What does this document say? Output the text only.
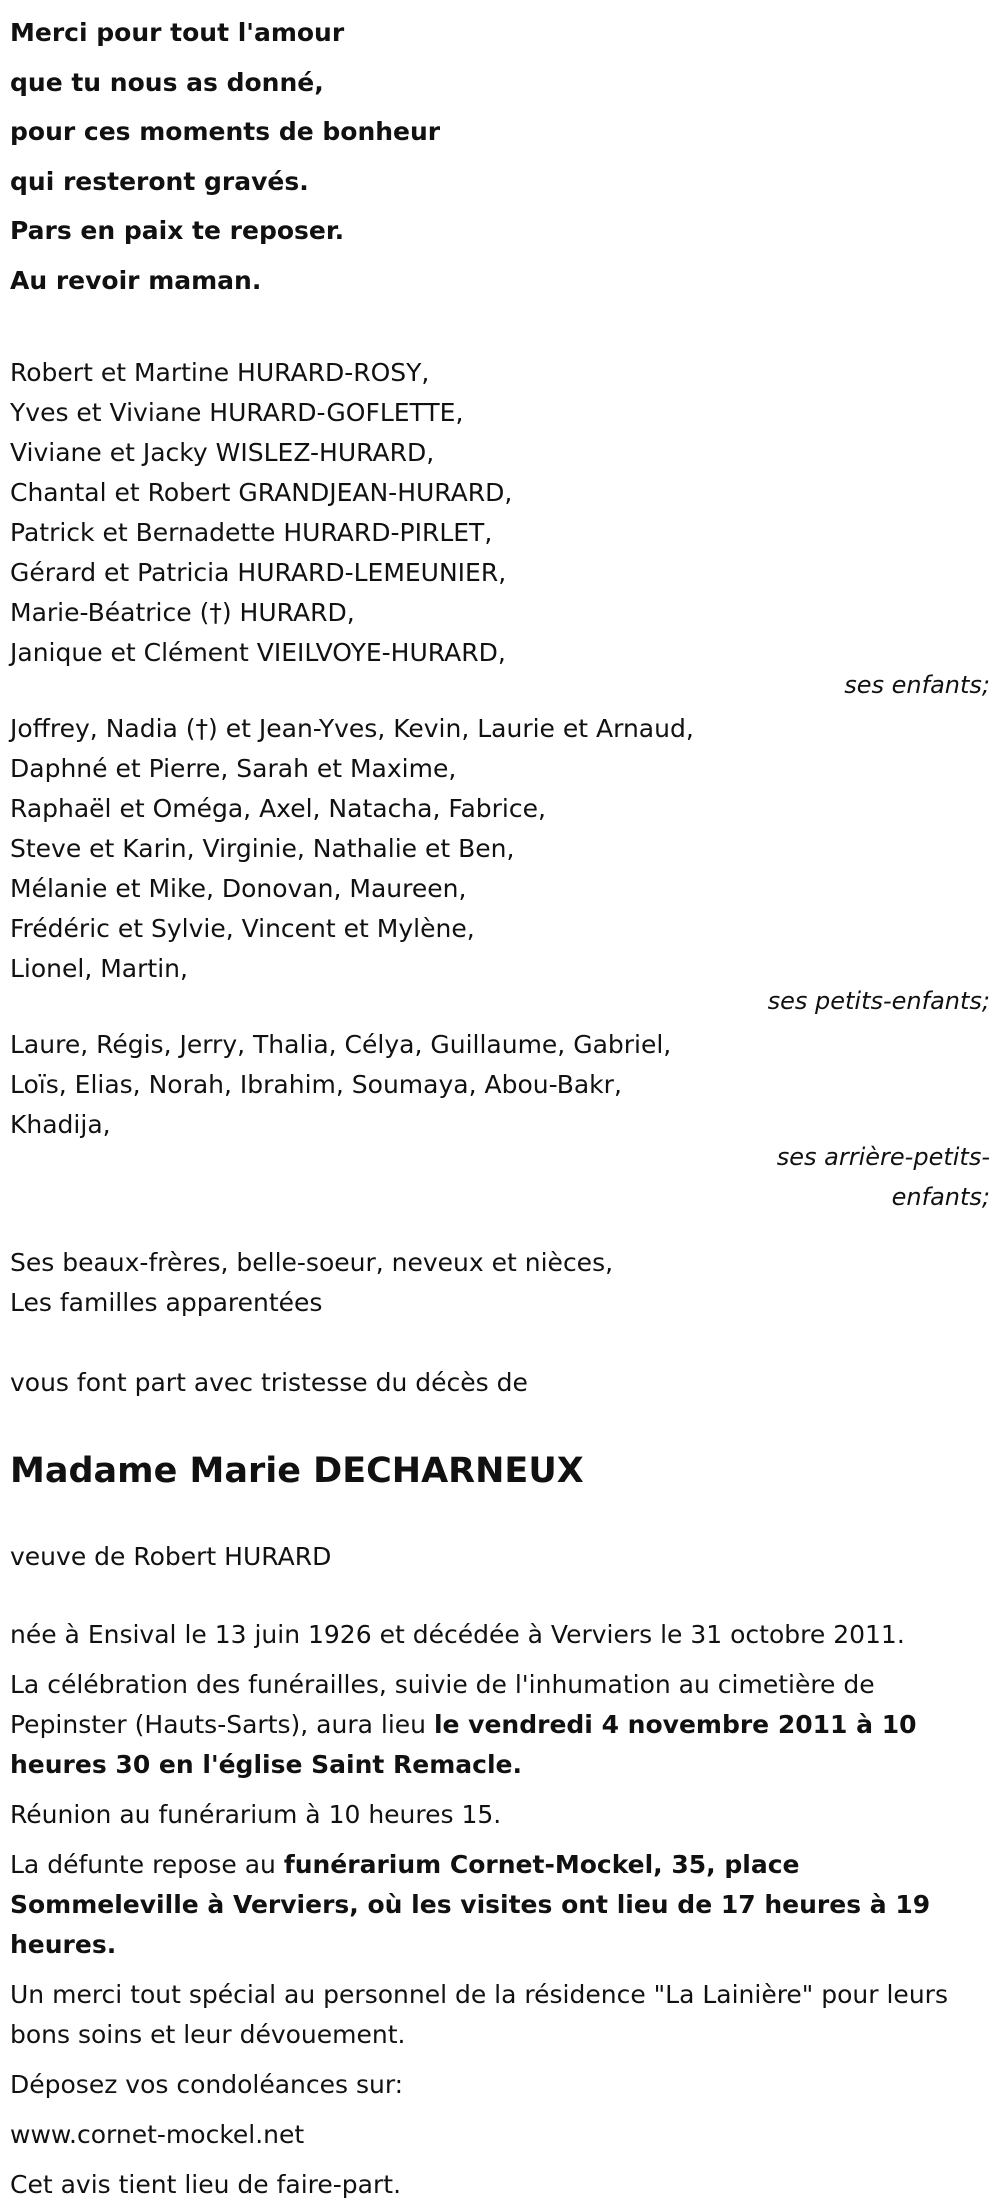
Merci pour tout l'amour

que tu nous as donné,

pour ces moments de bonheur

qui resteront gravés.

Pars en paix te reposer.

Au revoir maman.

Robert et Martine HURARD-ROSY,

Yves et Viviane HURARD-GOFLETTE,

Viviane et Jacky WISLEZ-HURARD,

Chantal et Robert GRANDJEAN-HURARD,

Patrick et Bernadette HURARD-PIRLET,

Gérard et Patricia HURARD-LEMEUNIER,

Marie-Béatrice (†) HURARD,

Janique et Clément VIEILVOYE-HURARD,

ses enfants;

Joffrey, Nadia (†) et Jean-Yves, Kevin, Laurie et Arnaud,

Daphné et Pierre, Sarah et Maxime,

Raphaël et Oméga, Axel, Natacha, Fabrice,

Steve et Karin, Virginie, Nathalie et Ben,

Mélanie et Mike, Donovan, Maureen,

Frédéric et Sylvie, Vincent et Mylène,

Lionel, Martin,

ses petits-enfants;

Laure, Régis, Jerry, Thalia, Célya, Guillaume, Gabriel,

Loïs, Elias, Norah, Ibrahim, Soumaya, Abou-Bakr,

Khadija,

ses arrière-petits-
enfants;

Ses beaux-frères, belle-soeur, neveux et nièces,

Les familles apparentées

vous font part avec tristesse du décès de

Madame Marie DECHARNEUX

veuve de Robert HURARD

née à Ensival le 13 juin 1926 et décédée à Verviers le 31 octobre 2011.

La célébration des funérailles, suivie de l'inhumation au cimetière de Pepinster (Hauts-Sarts), aura lieu le vendredi 4 novembre 2011 à 10 heures 30 en l'église Saint Remacle.

Réunion au funérarium à 10 heures 15.

La défunte repose au funérarium Cornet-Mockel, 35, place Sommeleville à Verviers, où les visites ont lieu de 17 heures à 19 heures.

Un merci tout spécial au personnel de la résidence "La Lainière" pour leurs bons soins et leur dévouement.

Déposez vos condoléances sur:

www.cornet-mockel.net

Cet avis tient lieu de faire-part.
